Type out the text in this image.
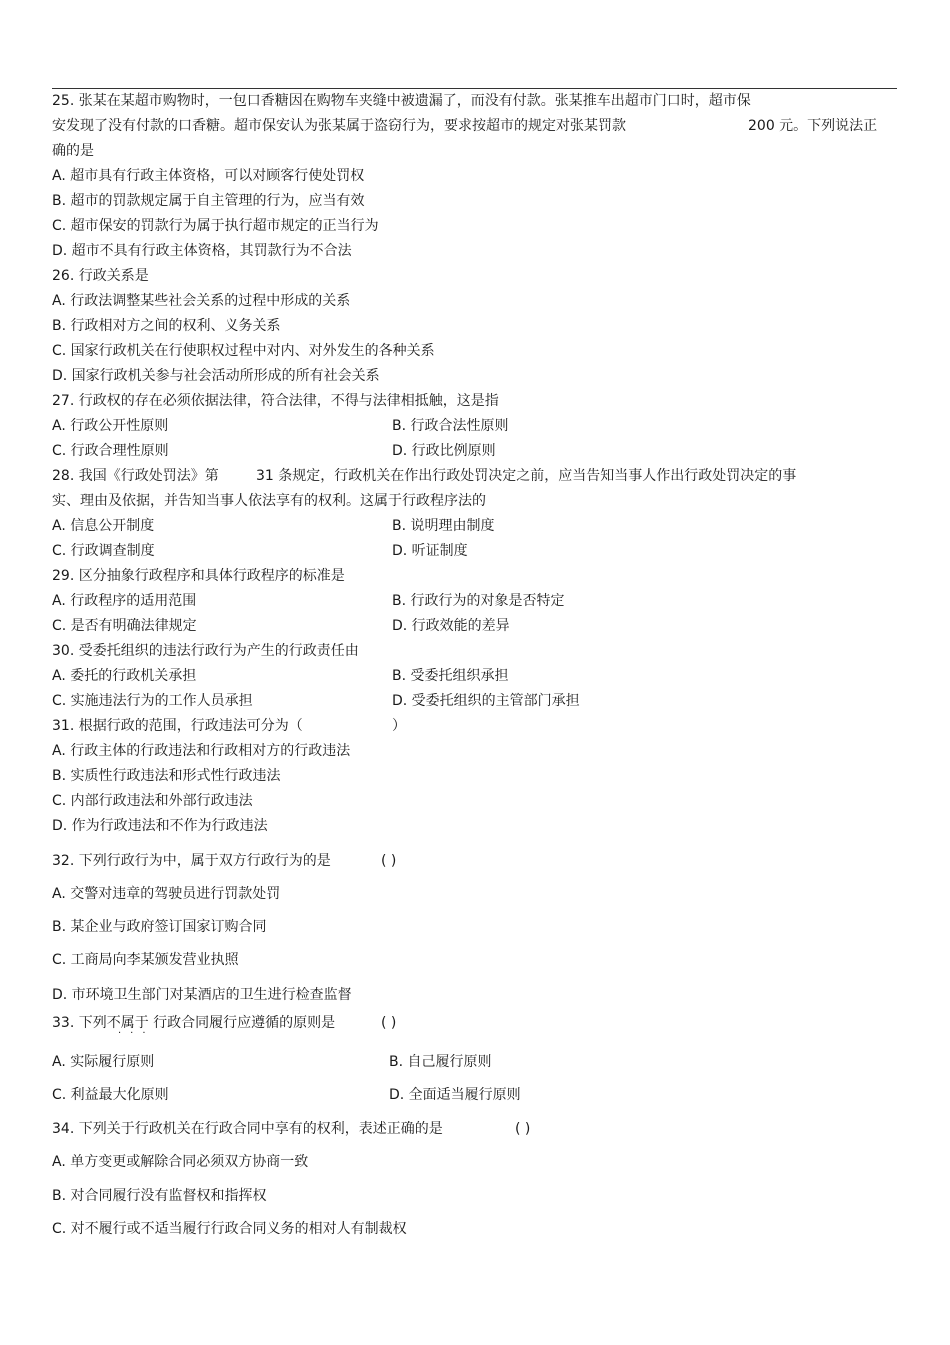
25. 张某在某超市购物时，一包口香糖因在购物车夹缝中被遗漏了，而没有付款。张某推车出超市门口时，超市保
安发现了没有付款的口香糖。超市保安认为张某属于盗窃行为，要求按超市的规定对张某罚款	200 元。下列说法正
确的是
A. 超市具有行政主体资格，可以对顾客行使处罚权
B. 超市的罚款规定属于自主管理的行为，应当有效
C. 超市保安的罚款行为属于执行超市规定的正当行为
D. 超市不具有行政主体资格，其罚款行为不合法
26. 行政关系是
A. 行政法调整某些社会关系的过程中形成的关系
B. 行政相对方之间的权利、义务关系
C. 国家行政机关在行使职权过程中对内、对外发生的各种关系
D. 国家行政机关参与社会活动所形成的所有社会关系
27. 行政权的存在必须依据法律，符合法律，不得与法律相抵触，这是指
A. 行政公开性原则	B. 行政合法性原则
C. 行政合理性原则	D. 行政比例原则
28. 我国《行政处罚法》第	31 条规定，行政机关在作出行政处罚决定之前，应当告知当事人作出行政处罚决定的事
实、理由及依据，并告知当事人依法享有的权利。这属于行政程序法的
A. 信息公开制度	B. 说明理由制度
C. 行政调查制度	D. 听证制度
29. 区分抽象行政程序和具体行政程序的标准是
A. 行政程序的适用范围	B. 行政行为的对象是否特定
C. 是否有明确法律规定	D. 行政效能的差异
30. 受委托组织的违法行政行为产生的行政责任由
A. 委托的行政机关承担	B. 受委托组织承担
C. 实施违法行为的工作人员承担	D. 受委托组织的主管部门承担
31. 根据行政的范围，行政违法可分为（	）
A. 行政主体的行政违法和行政相对方的行政违法
B. 实质性行政违法和形式性行政违法
C. 内部行政违法和外部行政违法
D. 作为行政违法和不作为行政违法
32. 下列行政行为中，属于双方行政行为的是	( )
A. 交警对违章的驾驶员进行罚款处罚
B. 某企业与政府签订国家订购合同
C. 工商局向李某颁发营业执照
D. 市环境卫生部门对某酒店的卫生进行检查监督
33. 下列不属于 行政合同履行应遵循的原则是
···
( )
A. 实际履行原则	B. 自己履行原则
C. 利益最大化原则	D. 全面适当履行原则
34. 下列关于行政机关在行政合同中享有的权利，表述正确的是	( )
A. 单方变更或解除合同必须双方协商一致
B. 对合同履行没有监督权和指挥权
C. 对不履行或不适当履行行政合同义务的相对人有制裁权
